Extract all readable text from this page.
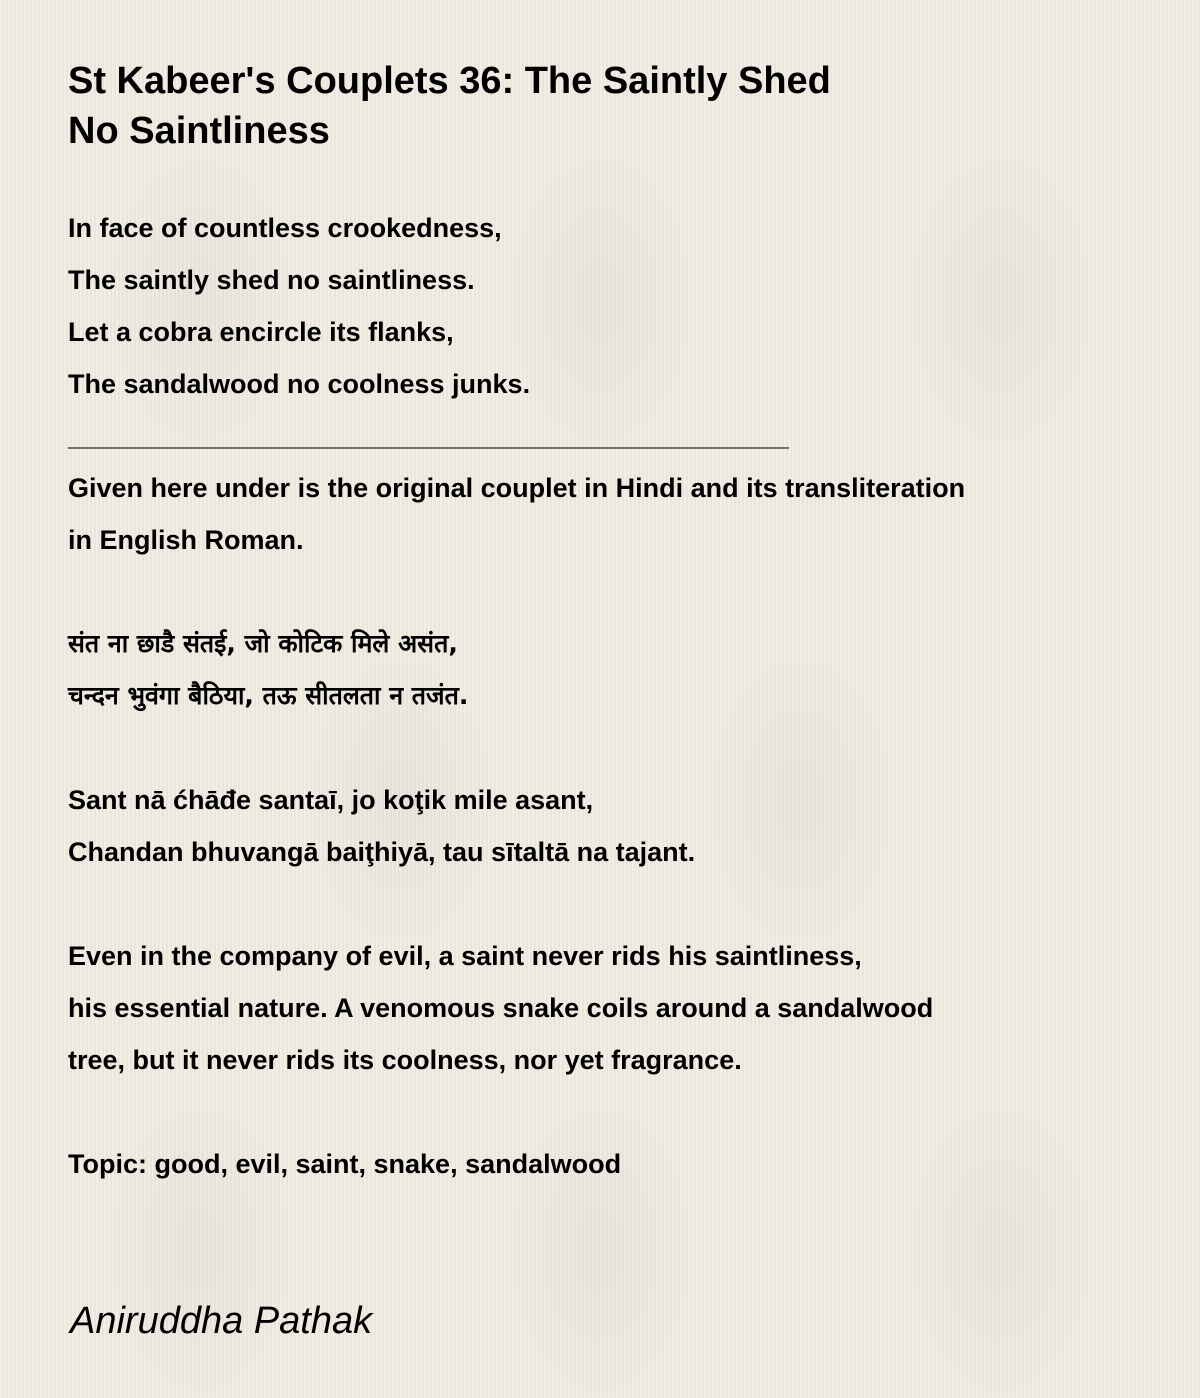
St Kabeer's Couplets 36: The Saintly Shed
No Saintliness
In face of countless crookedness,
The saintly shed no saintliness.
Let a cobra encircle its flanks,
The sandalwood no coolness junks.
________________________________________________
Given here under is the original couplet in Hindi and its transliteration
in English Roman.
संत ना छाडै संतई, जो कोटिक मिले असंत,
चन्दन भुवंगा बैठिया, तऊ सीतलता न तजंत.
Sant nā ćhāđe santaī, jo koţik mile asant,
Chandan bhuvangā baiţhiyā, tau sītaltā na tajant.
Even in the company of evil, a saint never rids his saintliness,
his essential nature. A venomous snake coils around a sandalwood
tree, but it never rids its coolness, nor yet fragrance.
Topic: good, evil, saint, snake, sandalwood
Aniruddha Pathak
